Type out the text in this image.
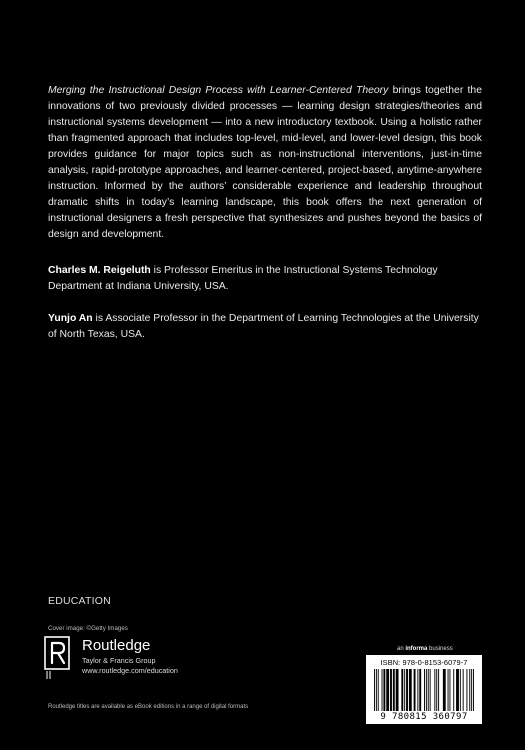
Merging the Instructional Design Process with Learner-Centered Theory brings together the innovations of two previously divided processes — learning design strategies/theories and instructional systems development — into a new introductory textbook. Using a holistic rather than fragmented approach that includes top-level, mid-level, and lower-level design, this book provides guidance for major topics such as non-instructional interventions, just-in-time analysis, rapid-prototype approaches, and learner-centered, project-based, anytime-anywhere instruction. Informed by the authors’ considerable experience and leadership throughout dramatic shifts in today’s learning landscape, this book offers the next generation of instructional designers a fresh perspective that synthesizes and pushes beyond the basics of design and development.
Charles M. Reigeluth is Professor Emeritus in the Instructional Systems Technology Department at Indiana University, USA.
Yunjo An is Associate Professor in the Department of Learning Technologies at the University of North Texas, USA.
EDUCATION
Cover image: ©Getty Images
Routledge
Taylor & Francis Group
www.routledge.com/education
Routledge titles are available as eBook editions in a range of digital formats
an informa business
ISBN: 978-0-8153-6079-7
9 780815 360797
